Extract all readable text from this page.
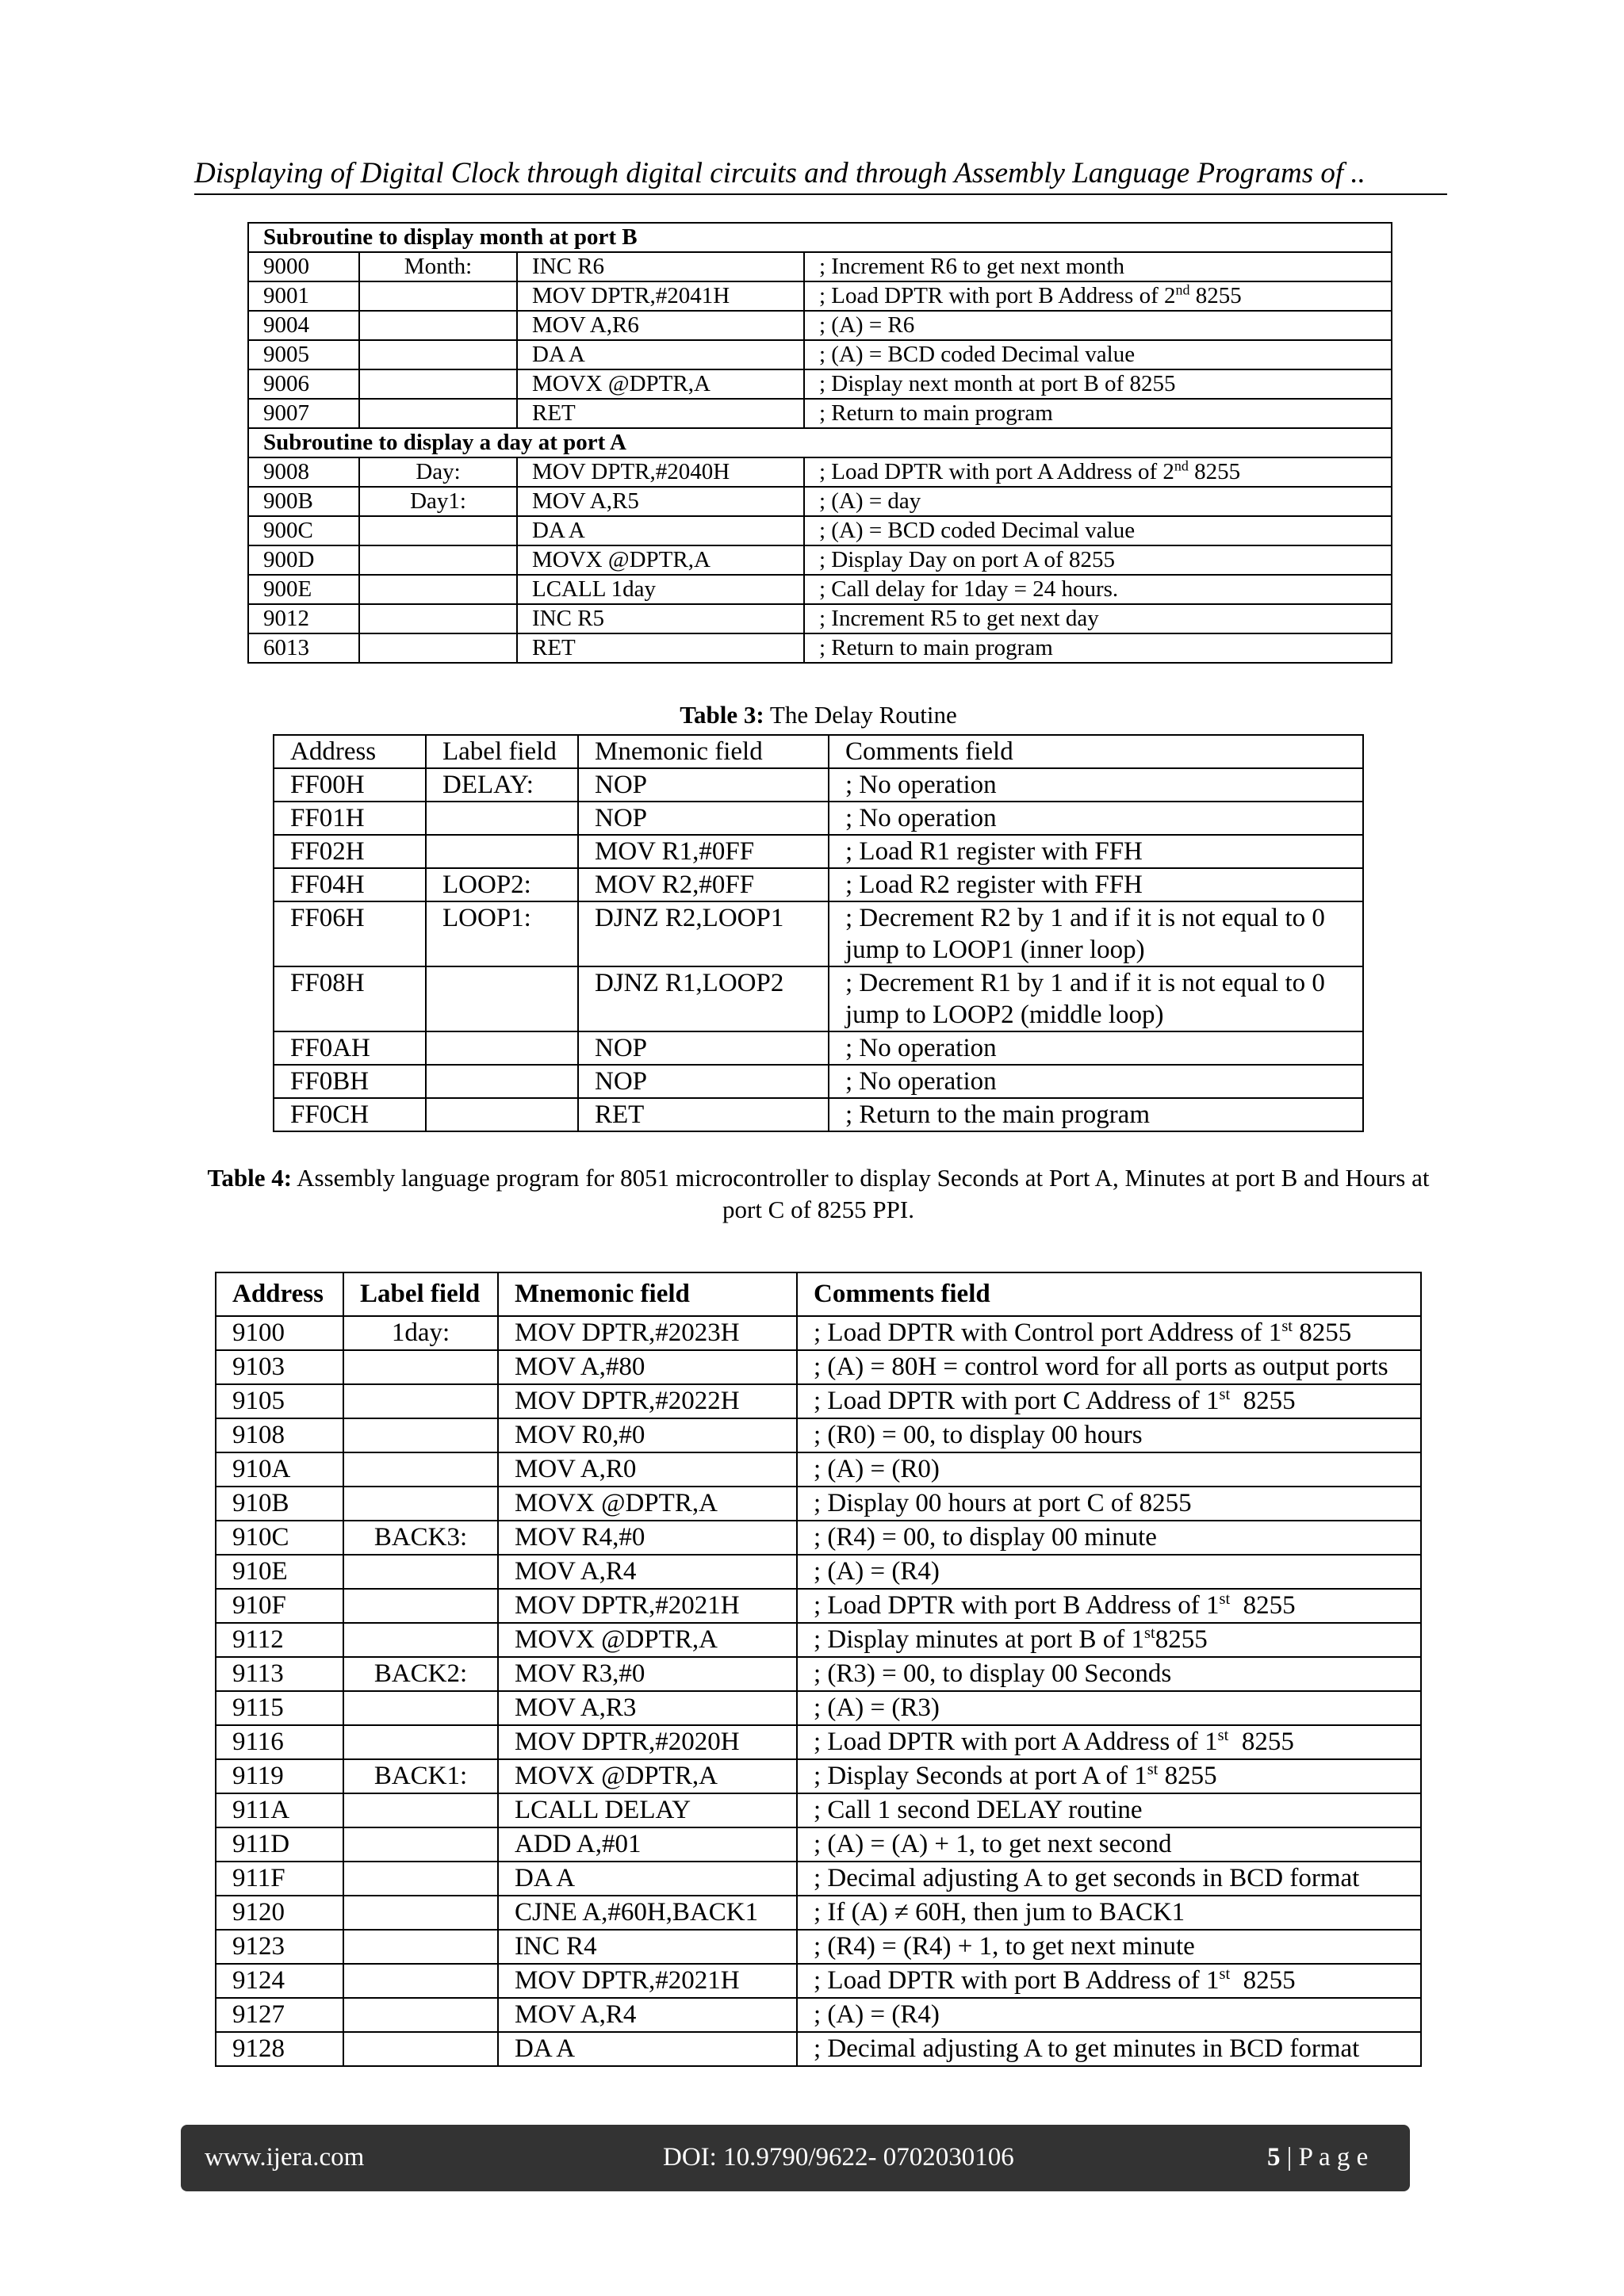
Displaying of Digital Clock through digital circuits and through Assembly Language Programs of ..
Subroutine to display month at port B			
9000	Month:	INC R6	; Increment R6 to get next month
9001		MOV DPTR,#2041H	; Load DPTR with port B Address of 2nd 8255
9004		MOV A,R6	; (A) = R6
9005		DA A	; (A) = BCD coded Decimal value
9006		MOVX @DPTR,A	; Display next month at port B of 8255
9007		RET	; Return to main program
Subroutine to display a day at port A			
9008	Day:	MOV DPTR,#2040H	; Load DPTR with port A Address of 2nd 8255
900B	Day1:	MOV A,R5	; (A) = day
900C		DA A	; (A) = BCD coded Decimal value
900D		MOVX @DPTR,A	; Display Day on port A of 8255
900E		LCALL 1day	; Call delay for 1day = 24 hours.
9012		INC R5	; Increment R5 to get next day
6013		RET	; Return to main program
Table 3: The Delay Routine
Address	Label field	Mnemonic field	Comments field
FF00H	DELAY:	NOP	; No operation
FF01H		NOP	; No operation
FF02H		MOV R1,#0FF	; Load R1 register with FFH
FF04H	LOOP2:	MOV R2,#0FF	; Load R2 register with FFH
FF06H	LOOP1:	DJNZ R2,LOOP1	; Decrement R2 by 1 and if it is not equal to 0 jump to LOOP1 (inner loop)
FF08H		DJNZ R1,LOOP2	; Decrement R1 by 1 and if it is not equal to 0 jump to LOOP2 (middle loop)
FF0AH		NOP	; No operation
FF0BH		NOP	; No operation
FF0CH		RET	; Return to the main program
Table 4: Assembly language program for 8051 microcontroller to display Seconds at Port A, Minutes at port B and Hours at port C of 8255 PPI.
Address	Label field	Mnemonic field	Comments field
9100	1day:	MOV DPTR,#2023H	; Load DPTR with Control port Address of 1st 8255
9103		MOV A,#80	; (A) = 80H = control word for all ports as output ports
9105		MOV DPTR,#2022H	; Load DPTR with port C Address of 1st  8255
9108		MOV R0,#0	; (R0) = 00, to display 00 hours
910A		MOV A,R0	; (A) = (R0)
910B		MOVX @DPTR,A	; Display 00 hours at port C of 8255
910C	BACK3:	MOV R4,#0	; (R4) = 00, to display 00 minute
910E		MOV A,R4	; (A) = (R4)
910F		MOV DPTR,#2021H	; Load DPTR with port B Address of 1st  8255
9112		MOVX @DPTR,A	; Display minutes at port B of 1st8255
9113	BACK2:	MOV R3,#0	; (R3) = 00, to display 00 Seconds
9115		MOV A,R3	; (A) = (R3)
9116		MOV DPTR,#2020H	; Load DPTR with port A Address of 1st  8255
9119	BACK1:	MOVX @DPTR,A	; Display Seconds at port A of 1st 8255
911A		LCALL DELAY	; Call 1 second DELAY routine
911D		ADD A,#01	; (A) = (A) + 1, to get next second
911F		DA A	; Decimal adjusting A to get seconds in BCD format
9120		CJNE A,#60H,BACK1	; If (A) ≠ 60H, then jum to BACK1
9123		INC R4	; (R4) = (R4) + 1, to get next minute
9124		MOV DPTR,#2021H	; Load DPTR with port B Address of 1st  8255
9127		MOV A,R4	; (A) = (R4)
9128		DA A	; Decimal adjusting A to get minutes in BCD format
www.ijera.com	DOI: 10.9790/9622- 0702030106	5 | P a g e
